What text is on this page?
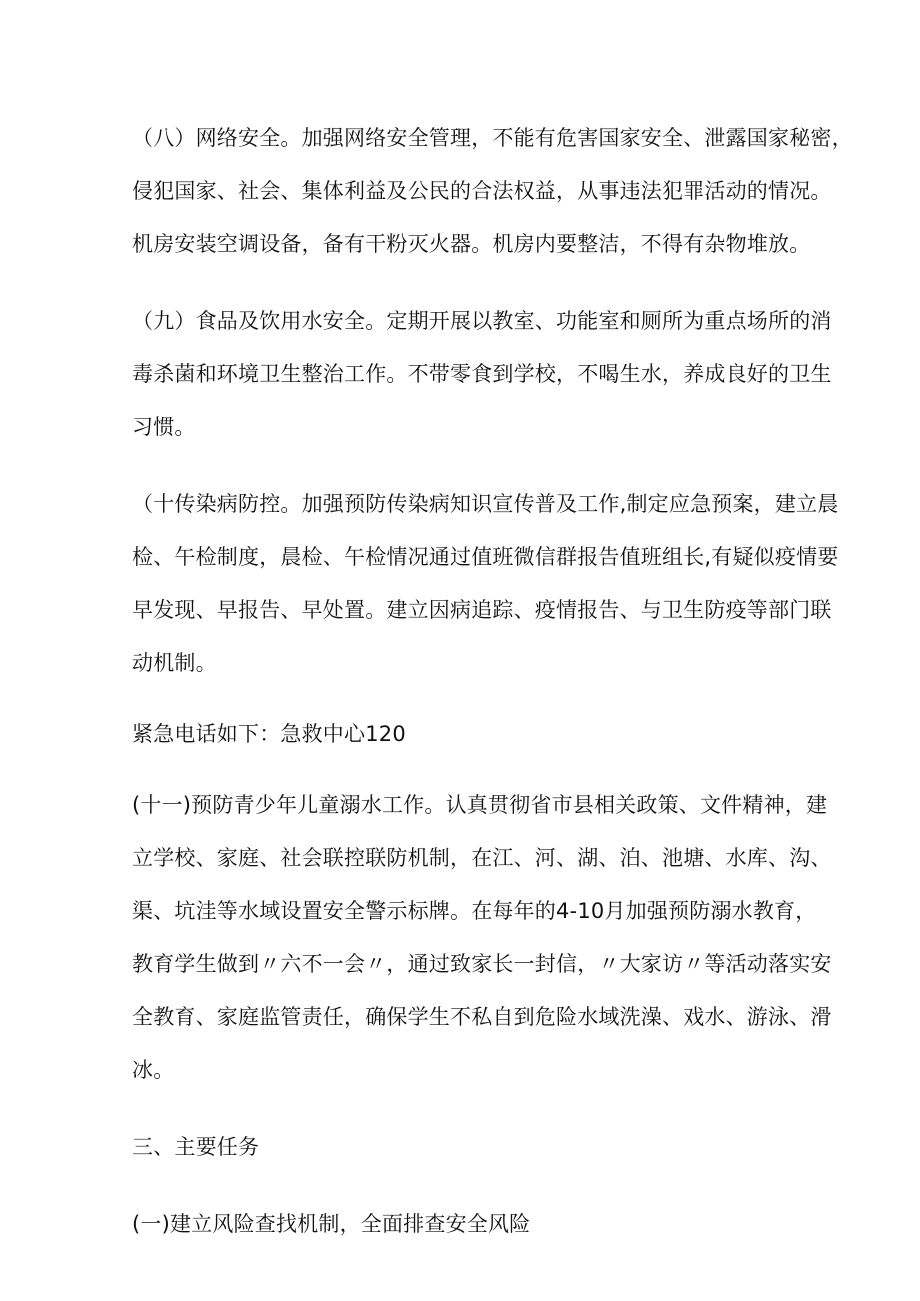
（八）网络安全。加强网络安全管理，不能有危害国家安全、泄露国家秘密，
侵犯国家、社会、集体利益及公民的合法权益，从事违法犯罪活动的情况。
机房安装空调设备，备有干粉灭火器。机房内要整洁，不得有杂物堆放。
（九）食品及饮用水安全。定期开展以教室、功能室和厕所为重点场所的消
毒杀菌和环境卫生整治工作。不带零食到学校，不喝生水，养成良好的卫生
习惯。
（十传染病防控。加强预防传染病知识宣传普及工作,制定应急预案，建立晨
检、午检制度，晨检、午检情况通过值班微信群报告值班组长,有疑似疫情要
早发现、早报告、早处置。建立因病追踪、疫情报告、与卫生防疫等部门联
动机制。
紧急电话如下：急救中心120
(十一)预防青少年儿童溺水工作。认真贯彻省市县相关政策、文件精神，建
立学校、家庭、社会联控联防机制，在江、河、湖、泊、池塘、水库、沟、
渠、坑洼等水域设置安全警示标牌。在每年的4-10月加强预防溺水教育，
教育学生做到〃六不一会〃，通过致家长一封信，〃大家访〃等活动落实安
全教育、家庭监管责任，确保学生不私自到危险水域洗澡、戏水、游泳、滑
冰。
三、主要任务
(一)建立风险查找机制，全面排查安全风险
